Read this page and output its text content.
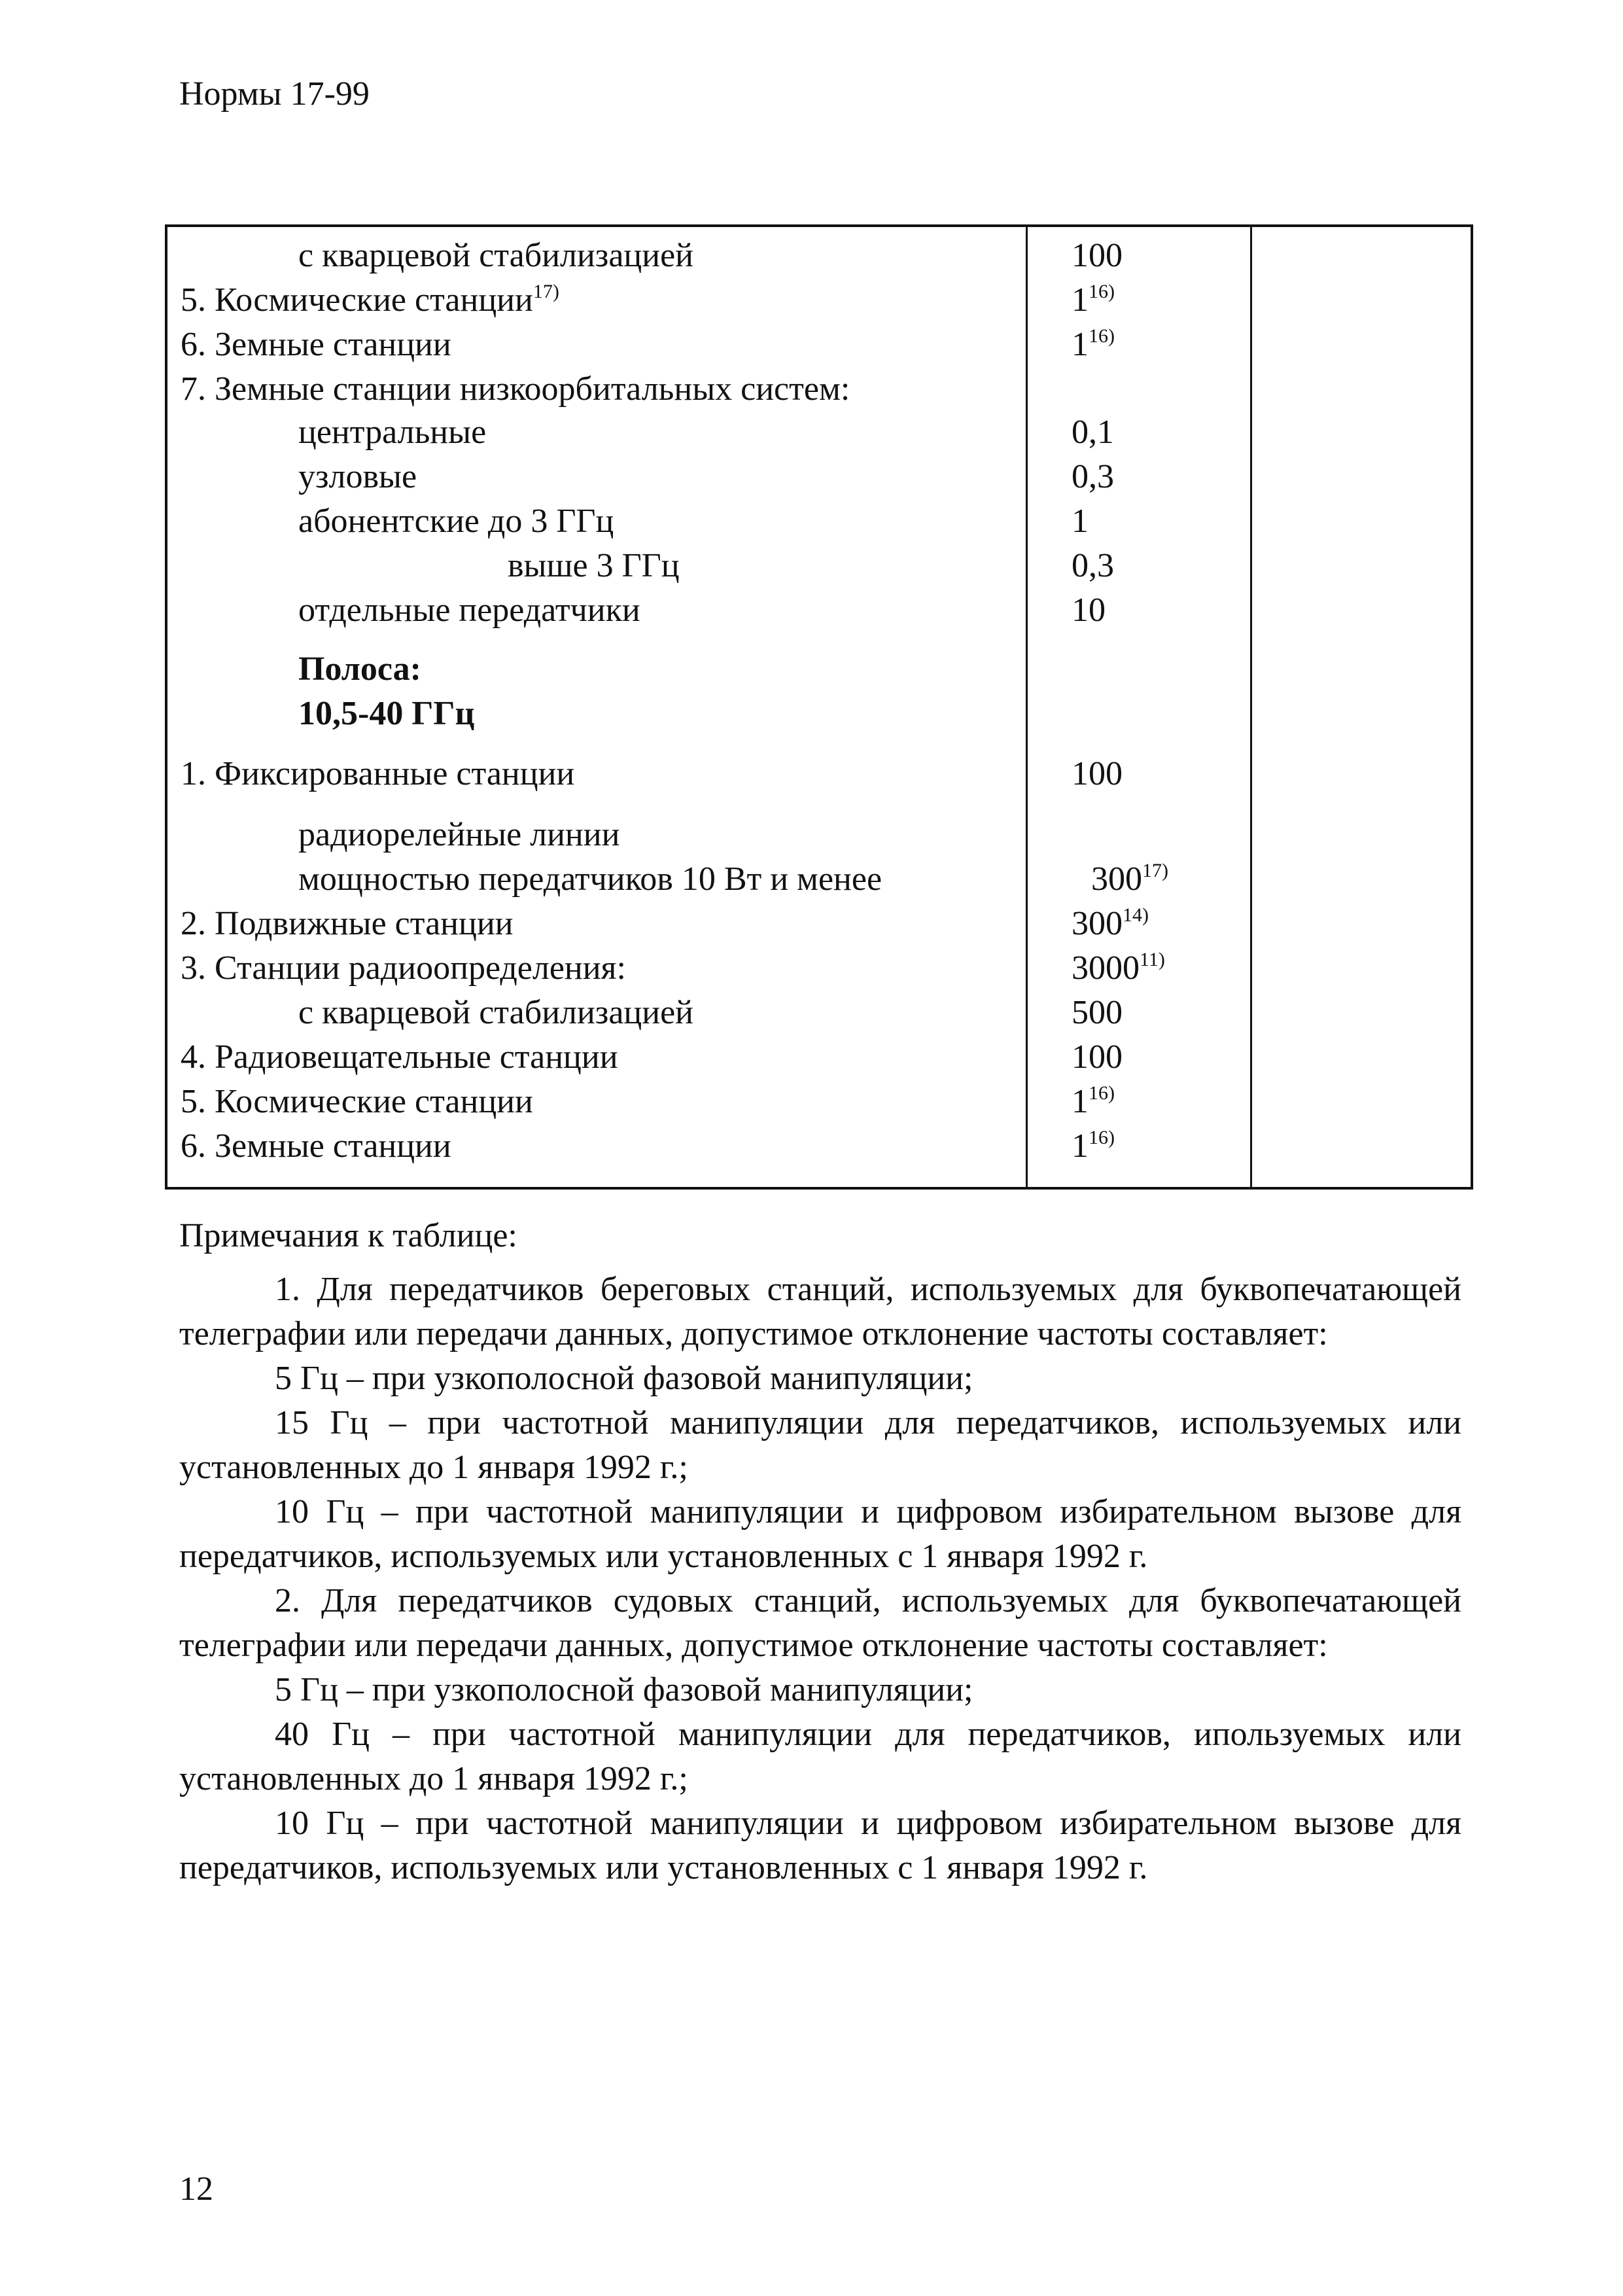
Нормы 17-99
с кварцевой стабилизацией	100
5. Космические станции$^{17)}$	1$^{16)}$
6. Земные станции	1$^{16)}$
7. Земные станции низкоорбитальных систем:
центральные	0,1
узловые	0,3
абонентские до 3 ГГц	1
выше 3 ГГц	0,3
отдельные передатчики	10
Полоса:
10,5-40 ГГц
1. Фиксированные станции	100
радиорелейные линии
мощностью передатчиков 10 Вт и менее	300$^{17)}$
2. Подвижные станции	300$^{14)}$
3. Станции радиоопределения:	3000$^{11)}$
с кварцевой стабилизацией	500
4. Радиовещательные станции	100
5. Космические станции	1$^{16)}$
6. Земные станции	1$^{16)}$
Примечания к таблице:

1. Для передатчиков береговых станций, используемых для буквопечатающей телеграфии или передачи данных, допустимое отклонение частоты составляет:

5 Гц – при узкополосной фазовой манипуляции;

15 Гц – при частотной манипуляции для передатчиков, используемых или установленных до 1 января 1992 г.;

10 Гц – при частотной манипуляции и цифровом избирательном вызове для передатчиков, используемых или установленных с 1 января 1992 г.

2. Для передатчиков судовых станций, используемых для буквопечатающей телеграфии или передачи данных, допустимое отклонение частоты составляет:

5 Гц – при узкополосной фазовой манипуляции;

40 Гц – при частотной манипуляции для передатчиков, ипользуемых или установленных до 1 января 1992 г.;

10 Гц – при частотной манипуляции и цифровом избирательном вызове для передатчиков, используемых или установленных с 1 января 1992 г.

12
